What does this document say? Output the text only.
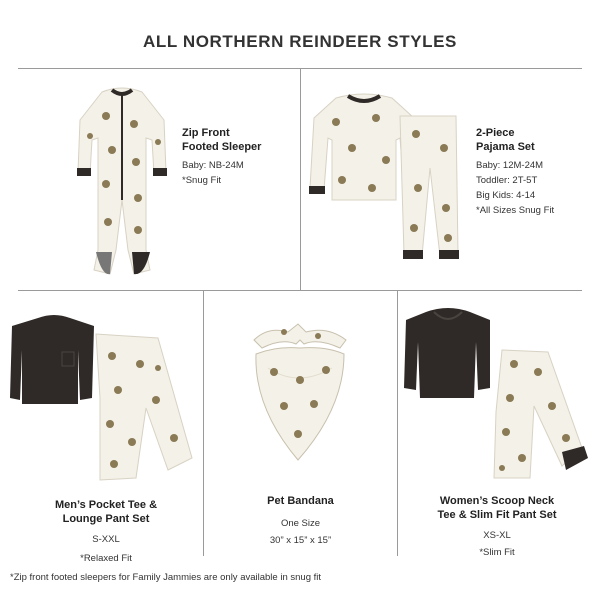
ALL NORTHERN REINDEER STYLES
Zip Front
Footed Sleeper
Baby: NB-24M
*Snug Fit
2-Piece
Pajama Set
Baby: 12M-24M
Toddler: 2T-5T
Big Kids: 4-14
*All Sizes Snug Fit
Men’s Pocket Tee &
Lounge Pant Set
S-XXL
*Relaxed Fit
Pet Bandana
One Size
30” x 15” x 15”
Women’s Scoop Neck
Tee & Slim Fit Pant Set
XS-XL
*Slim Fit
*Zip front footed sleepers for Family Jammies are only available in snug fit
